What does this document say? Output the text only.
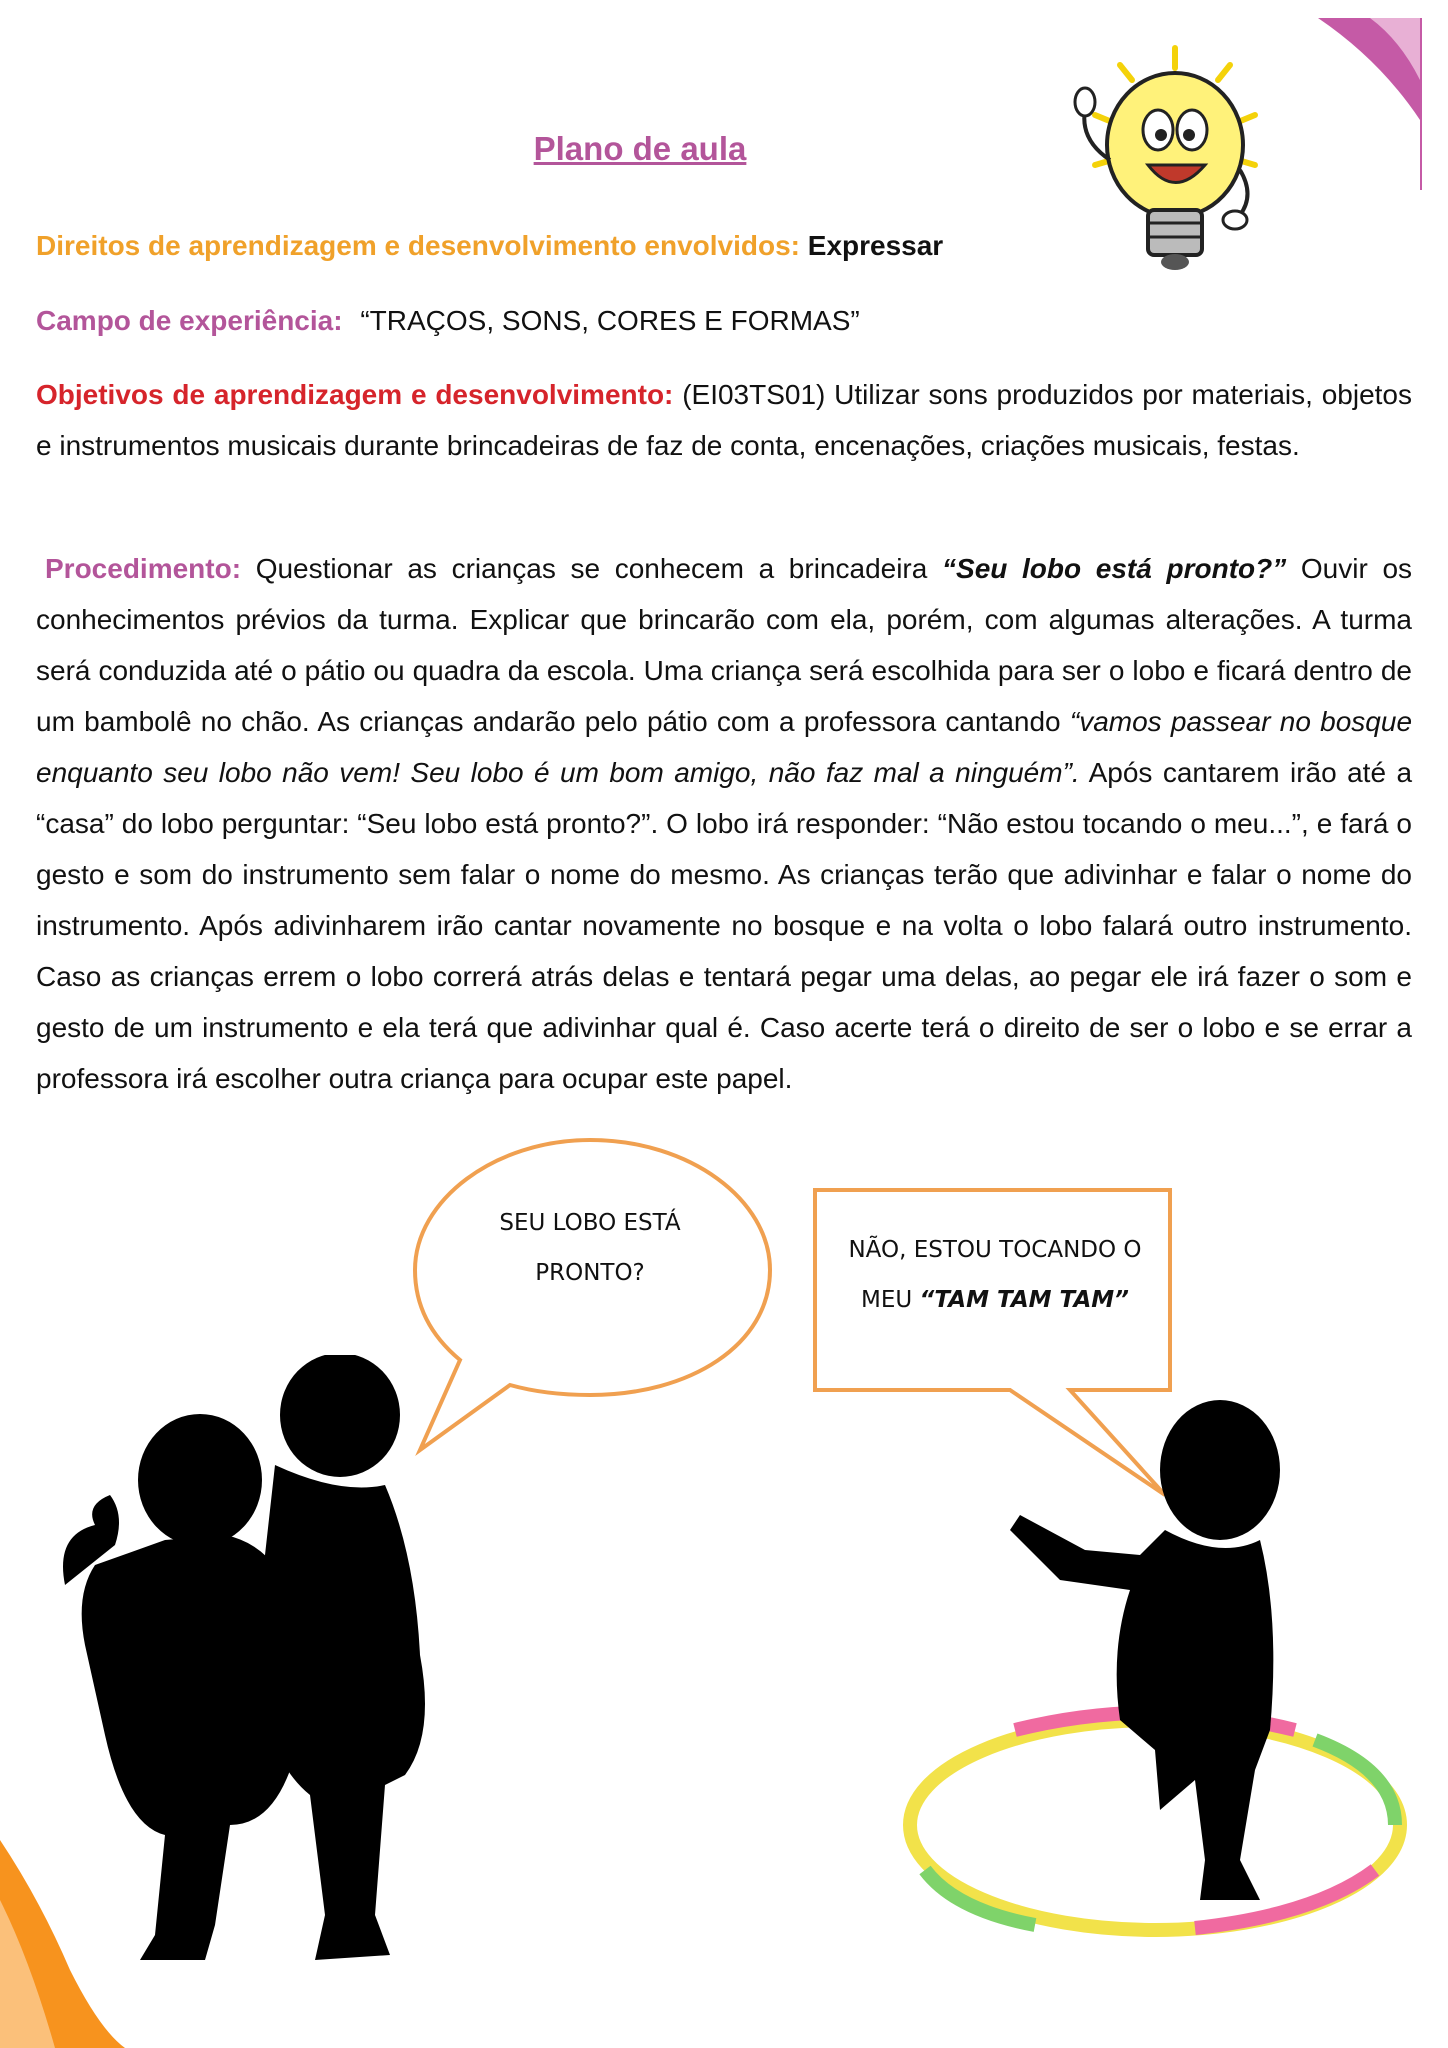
Plano de aula
Direitos de aprendizagem e desenvolvimento envolvidos: Expressar
Campo de experiência: “TRAÇOS, SONS, CORES E FORMAS”
Objetivos de aprendizagem e desenvolvimento: (EI03TS01) Utilizar sons produzidos por materiais, objetos e instrumentos musicais durante brincadeiras de faz de conta, encenações, criações musicais, festas.
Procedimento: Questionar as crianças se conhecem a brincadeira “Seu lobo está pronto?” Ouvir os conhecimentos prévios da turma. Explicar que brincarão com ela, porém, com algumas alterações. A turma será conduzida até o pátio ou quadra da escola. Uma criança será escolhida para ser o lobo e ficará dentro de um bambolê no chão. As crianças andarão pelo pátio com a professora cantando “vamos passear no bosque enquanto seu lobo não vem! Seu lobo é um bom amigo, não faz mal a ninguém”. Após cantarem irão até a “casa” do lobo perguntar: “Seu lobo está pronto?”. O lobo irá responder: “Não estou tocando o meu...”, e fará o gesto e som do instrumento sem falar o nome do mesmo. As crianças terão que adivinhar e falar o nome do instrumento. Após adivinharem irão cantar novamente no bosque e na volta o lobo falará outro instrumento. Caso as crianças errem o lobo correrá atrás delas e tentará pegar uma delas, ao pegar ele irá fazer o som e gesto de um instrumento e ela terá que adivinhar qual é. Caso acerte terá o direito de ser o lobo e se errar a professora irá escolher outra criança para ocupar este papel.
SEU LOBO ESTÁ
PRONTO?
NÃO, ESTOU TOCANDO O
MEU “TAM TAM TAM”
